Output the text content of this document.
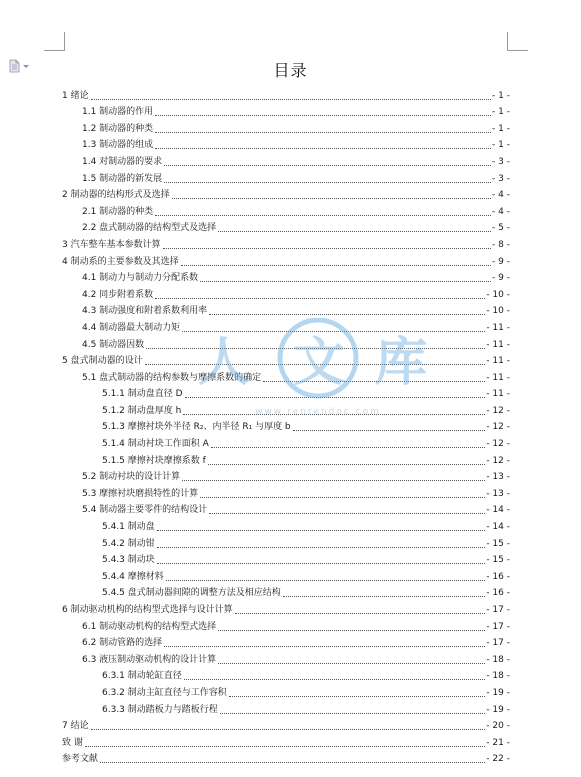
目录
1 绪论	- 1 -
1.1 制动器的作用	- 1 -
1.2 制动器的种类	- 1 -
1.3 制动器的组成	- 1 -
1.4 对制动器的要求	- 3 -
1.5 制动器的新发展	- 3 -
2 制动器的结构形式及选择	- 4 -
2.1 制动器的种类	- 4 -
2.2 盘式制动器的结构型式及选择	- 5 -
3 汽车整车基本参数计算	- 8 -
4 制动系的主要参数及其选择	- 9 -
4.1 制动力与制动力分配系数	- 9 -
4.2 同步附着系数	- 10 -
4.3 制动强度和附着系数利用率	- 10 -
4.4 制动器最大制动力矩	- 11 -
4.5 制动器因数	- 11 -
5 盘式制动器的设计	- 11 -
5.1 盘式制动器的结构参数与摩擦系数的确定	- 11 -
5.1.1 制动盘直径 D	- 11 -
5.1.2 制动盘厚度 h	- 12 -
5.1.3 摩擦衬块外半径 R₂、内半径 R₁ 与厚度 b	- 12 -
5.1.4 制动衬块工作面积 A	- 12 -
5.1.5 摩擦衬块摩擦系数 f	- 12 -
5.2 制动衬块的设计计算	- 13 -
5.3 摩擦衬块磨损特性的计算	- 13 -
5.4 制动器主要零件的结构设计	- 14 -
5.4.1 制动盘	- 14 -
5.4.2 制动钳	- 15 -
5.4.3 制动块	- 15 -
5.4.4 摩擦材料	- 16 -
5.4.5 盘式制动器间隙的调整方法及相应结构	- 16 -
6 制动驱动机构的结构型式选择与设计计算	- 17 -
6.1 制动驱动机构的结构型式选择	- 17 -
6.2 制动管路的选择	- 17 -
6.3 液压制动驱动机构的设计计算	- 18 -
6.3.1 制动轮缸直径	- 18 -
6.3.2 制动主缸直径与工作容积	- 19 -
6.3.3 制动踏板力与踏板行程	- 19 -
7 结论	- 20 -
致 谢	- 21 -
参考文献	- 22 -
人 文 库
www.renrendoc.com
